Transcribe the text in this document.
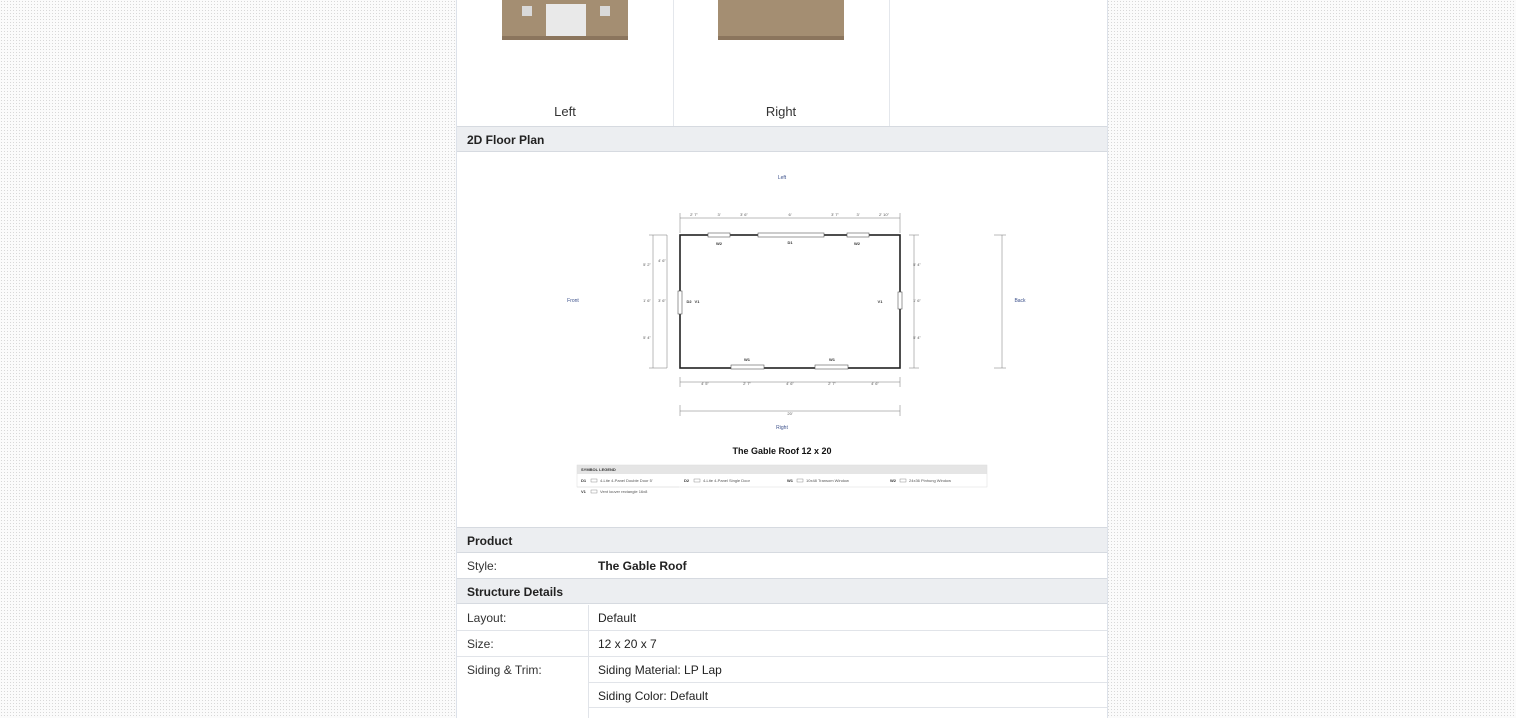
Left	Right
2D Floor Plan
Left
Right
Front	Back
W2	D1	W2
W1	W1
D2 V1	V1
2' 7"	3'	3' 6"	6'	3' 7"	3'	2' 10"
4' 5"	2' 7"	4' 6"	2' 7"	4' 6"
20'
5' 2"
4' 6"
1' 6" 3' 6"
5' 4"
5' 4"
1' 6"
5' 4"
The Gable Roof 12 x 20
SYMBOL LEGEND
D1	4-Lite 4-Panel Double Door 5'	D2	4-Lite 4-Panel Single Door	W1	10x48 Transom Window	W2	24x36 Pinhung Window
V1	Vent louver rectangle 16x8
Product
Style:	The Gable Roof
Structure Details
Layout:	Default
Size:	12 x 20 x 7
Siding & Trim:	Siding Material: LP Lap
Siding Color: Default
